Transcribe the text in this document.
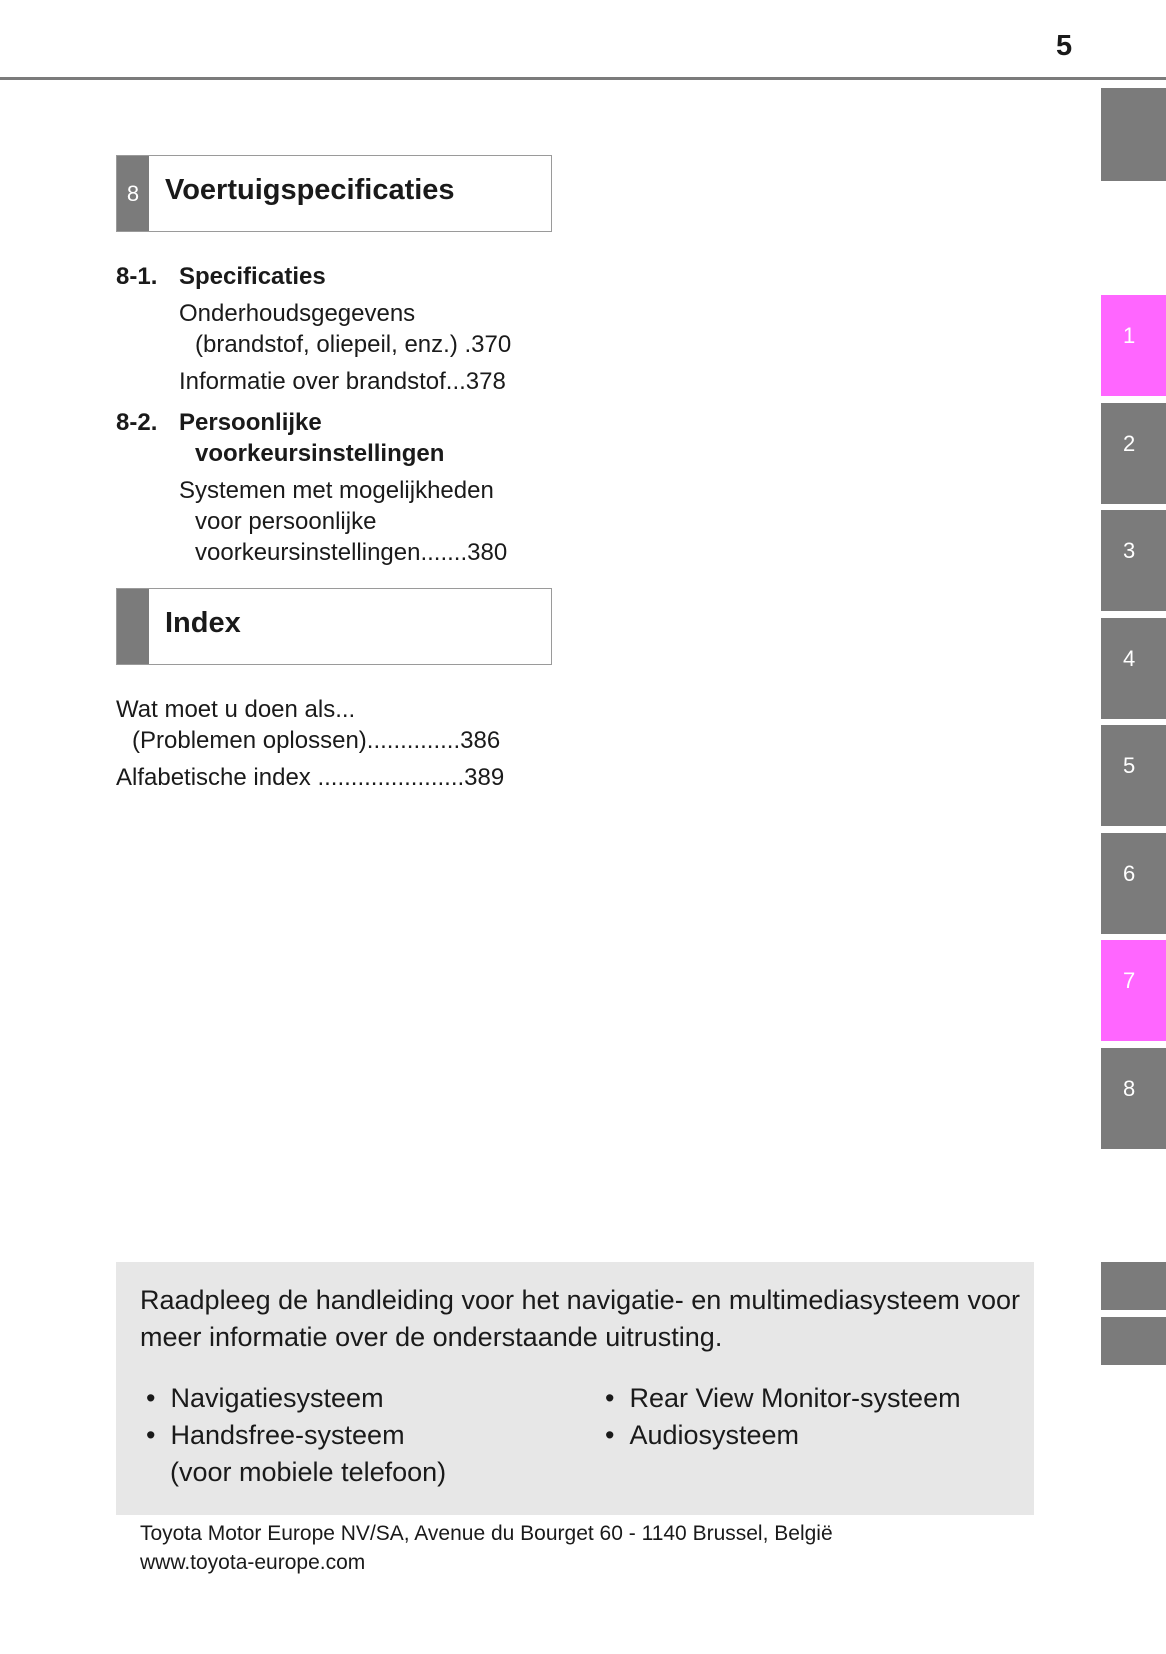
5
1
2
3
4
5
6
7
8
8 Voertuigspecificaties
8-1. Specificaties
Onderhoudsgegevens
(brandstof, oliepeil, enz.) .370
Informatie over brandstof...378
8-2. Persoonlijke
voorkeursinstellingen
Systemen met mogelijkheden
voor persoonlijke
voorkeursinstellingen.......380
Index
Wat moet u doen als...
(Problemen oplossen)..............386
Alfabetische index ......................389
Raadpleeg de handleiding voor het navigatie- en multimediasysteem voor meer informatie over de onderstaande uitrusting.
•  Navigatiesysteem
•  Handsfree-systeem
(voor mobiele telefoon)
•  Rear View Monitor-systeem
•  Audiosysteem
Toyota Motor Europe NV/SA, Avenue du Bourget 60 - 1140 Brussel, België
www.toyota-europe.com
